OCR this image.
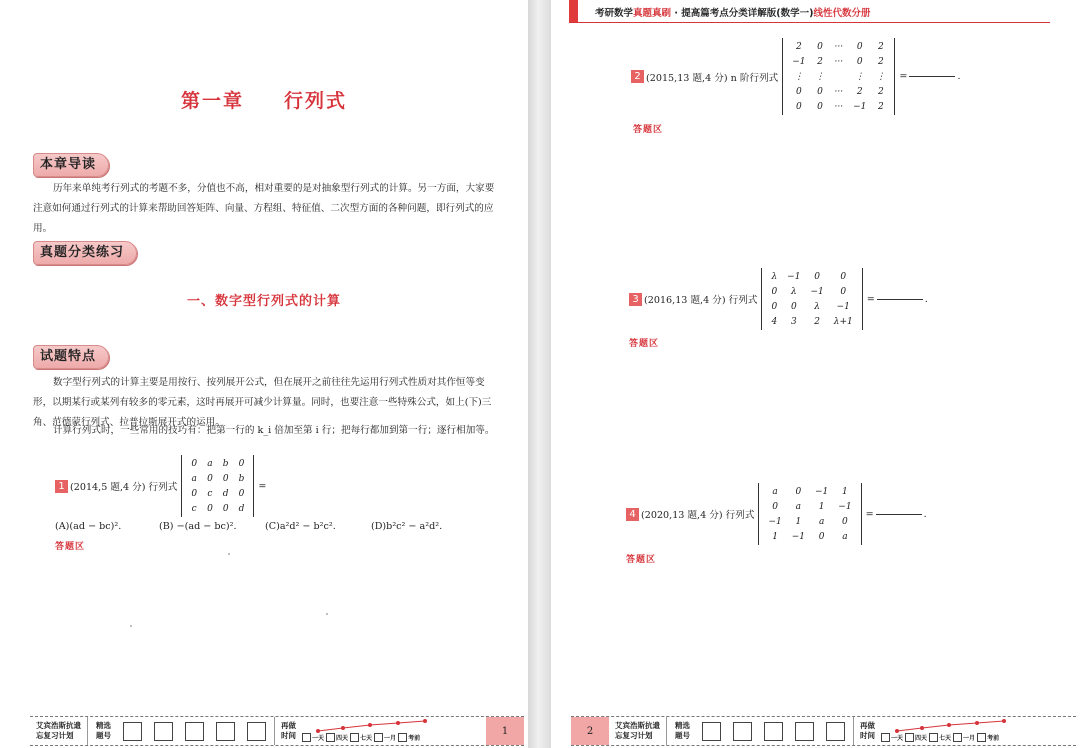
第一章 行列式
本章导读
历年来单纯考行列式的考题不多，分值也不高，相对重要的是对抽象型行列式的计算。另一方面，大家要注意如何通过行列式的计算来帮助回答矩阵、向量、方程组、特征值、二次型方面的各种问题，即行列式的应用。
真题分类练习
一、数字型行列式的计算
试题特点
数字型行列式的计算主要是用按行、按列展开公式，但在展开之前往往先运用行列式性质对其作恒等变形，以期某行或某列有较多的零元素，这时再展开可减少计算量。同时，也要注意一些特殊公式，如上(下)三角、范德蒙行列式、拉普拉斯展开式的运用。
计算行列式时，一些常用的技巧有：把第一行的 k_i 倍加至第 i 行；把每行都加到第一行；逐行相加等。
1 (2014,5 题,4 分) 行列式
0	a	b	0
a	0	0	b
0	c	d	0
c	0	0	d
=
(A)(ad − bc)².	(B) −(ad − bc)².	(C)a²d² − b²c².	(D)b²c² − a²d².
答题区
艾宾浩斯抗遗
忘复习计划
精选
题号
再做
时间	一天 四天 七天 一月 考前
1
考研数学真题真刷 · 提高篇考点分类详解版(数学一)线性代数分册
2 (2015,13 题,4 分) n 阶行列式
2	0	···	0	2
−1	2	···	0	2
⋮	⋮		⋮	⋮
0	0	···	2	2
0	0	···	−1	2
=	.
答题区
3 (2016,13 题,4 分) 行列式
λ	−1	0	0
0	λ	−1	0
0	0	λ	−1
4	3	2	λ+1
=	.
答题区
4 (2020,13 题,4 分) 行列式
a	0	−1	1
0	a	1	−1
−1	1	a	0
1	−1	0	a
=	.
答题区
2	艾宾浩斯抗遗
忘复习计划
精选
题号
再做
时间	一天 四天 七天 一月 考前
